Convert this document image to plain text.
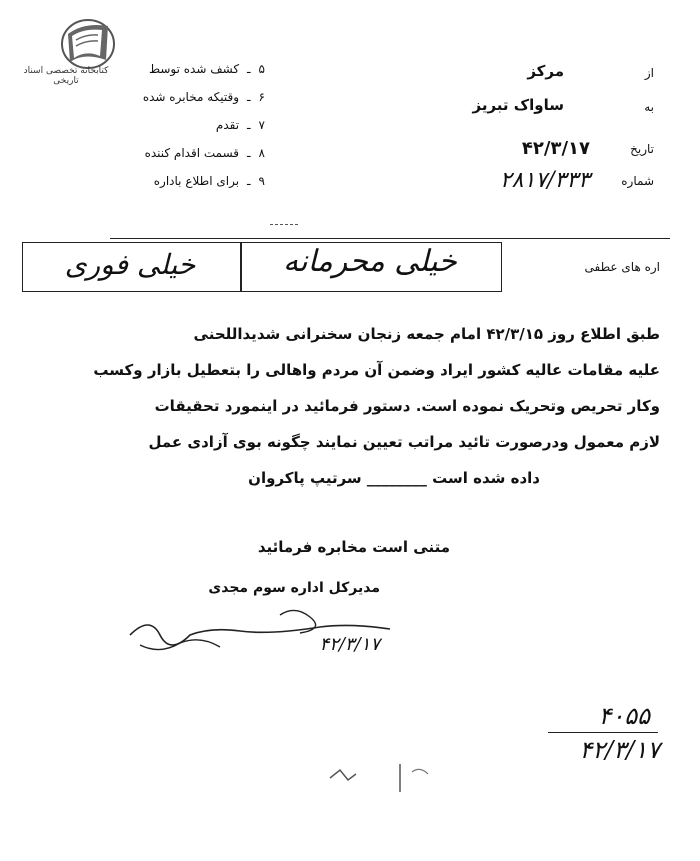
کتابخانه تخصصی اسناد تاریخی
۵
ـ
کشف شده توسط
۶
ـ
وقتیکه مخابره شده
۷
ـ
تقدم
۸
ـ
قسمت اقدام کننده
۹
ـ
برای اطلاع باداره
از
مرکز
به
ساواک تبریز
تاریخ
۴۲/۳/۱۷
شماره
۲۸۱۷/۳۳۳
اره های عطفی
خیلی فوری	خیلی محرمانه
طبق اطلاع روز ۴۲/۳/۱۵ امام جمعه زنجان سخنرانی شدیداللحنی
علیه مقامات عالیه کشور ایراد وضمن آن مردم واهالی را بتعطیل بازار وکسب
وکار تحریص وتحریک نموده است. دستور فرمائید در اینمورد تحقیقات
لازم معمول ودرصورت تائید مراتب تعیین نمایند چگونه بوی آزادی عمل
داده شده است ________ سرتیپ پاکروان
متنی است مخابره فرمائید
مدیرکل اداره سوم مجدی
۴۲/۳/۱۷
۴۰۵۵
۴۲/۳/۱۷
